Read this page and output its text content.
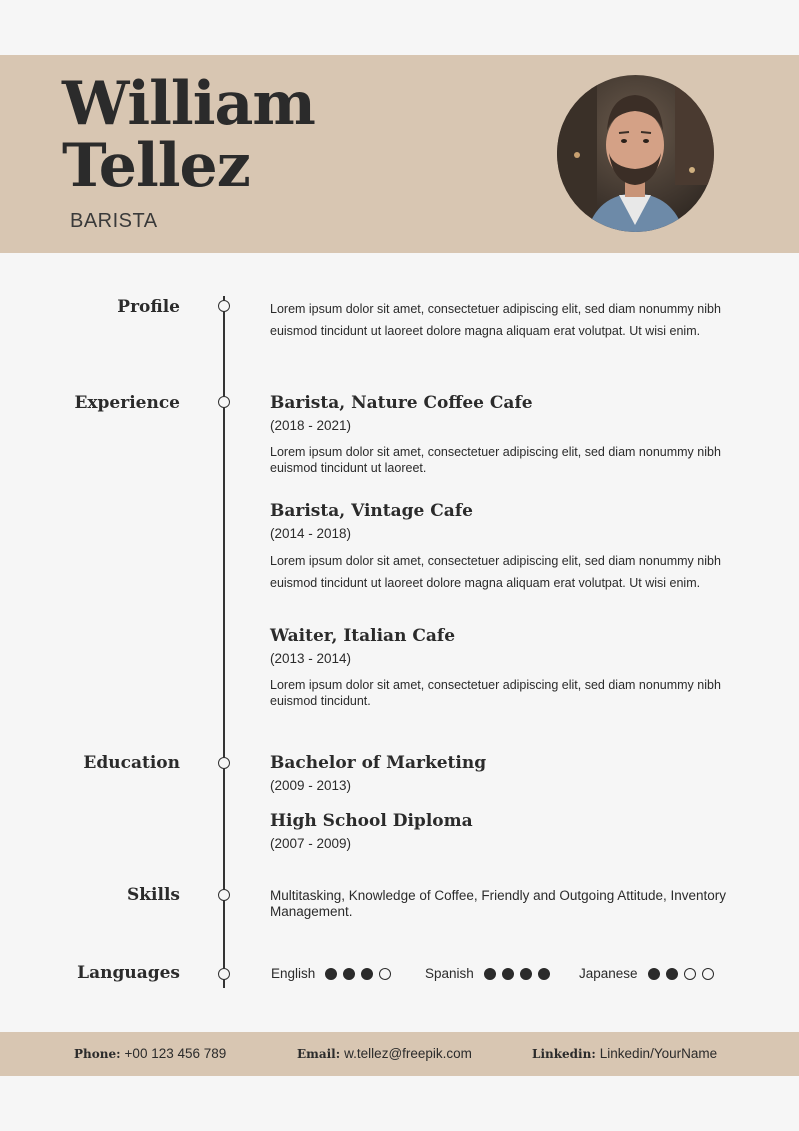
William
Tellez
BARISTA
Profile	Lorem ipsum dolor sit amet, consectetuer adipiscing elit, sed diam nonummy nibh euismod tincidunt ut laoreet dolore magna aliquam erat volutpat. Ut wisi enim.
Experience	Barista, Nature Coffee Cafe
(2018 - 2021)
Lorem ipsum dolor sit amet, consectetuer adipiscing elit, sed diam nonummy nibh euismod tincidunt ut laoreet.
Barista, Vintage Cafe
(2014 - 2018)
Lorem ipsum dolor sit amet, consectetuer adipiscing elit, sed diam nonummy nibh euismod tincidunt ut laoreet dolore magna aliquam erat volutpat. Ut wisi enim.
Waiter, Italian Cafe
(2013 - 2014)
Lorem ipsum dolor sit amet, consectetuer adipiscing elit, sed diam nonummy nibh euismod tincidunt.
Education	Bachelor of Marketing
(2009 - 2013)
High School Diploma
(2007 - 2009)
Skills	Multitasking, Knowledge of Coffee, Friendly and Outgoing Attitude, Inventory Management.
Languages	English	Spanish	Japanese
Phone: +00 123 456 789	Email: w.tellez@freepik.com	Linkedin: Linkedin/YourName
